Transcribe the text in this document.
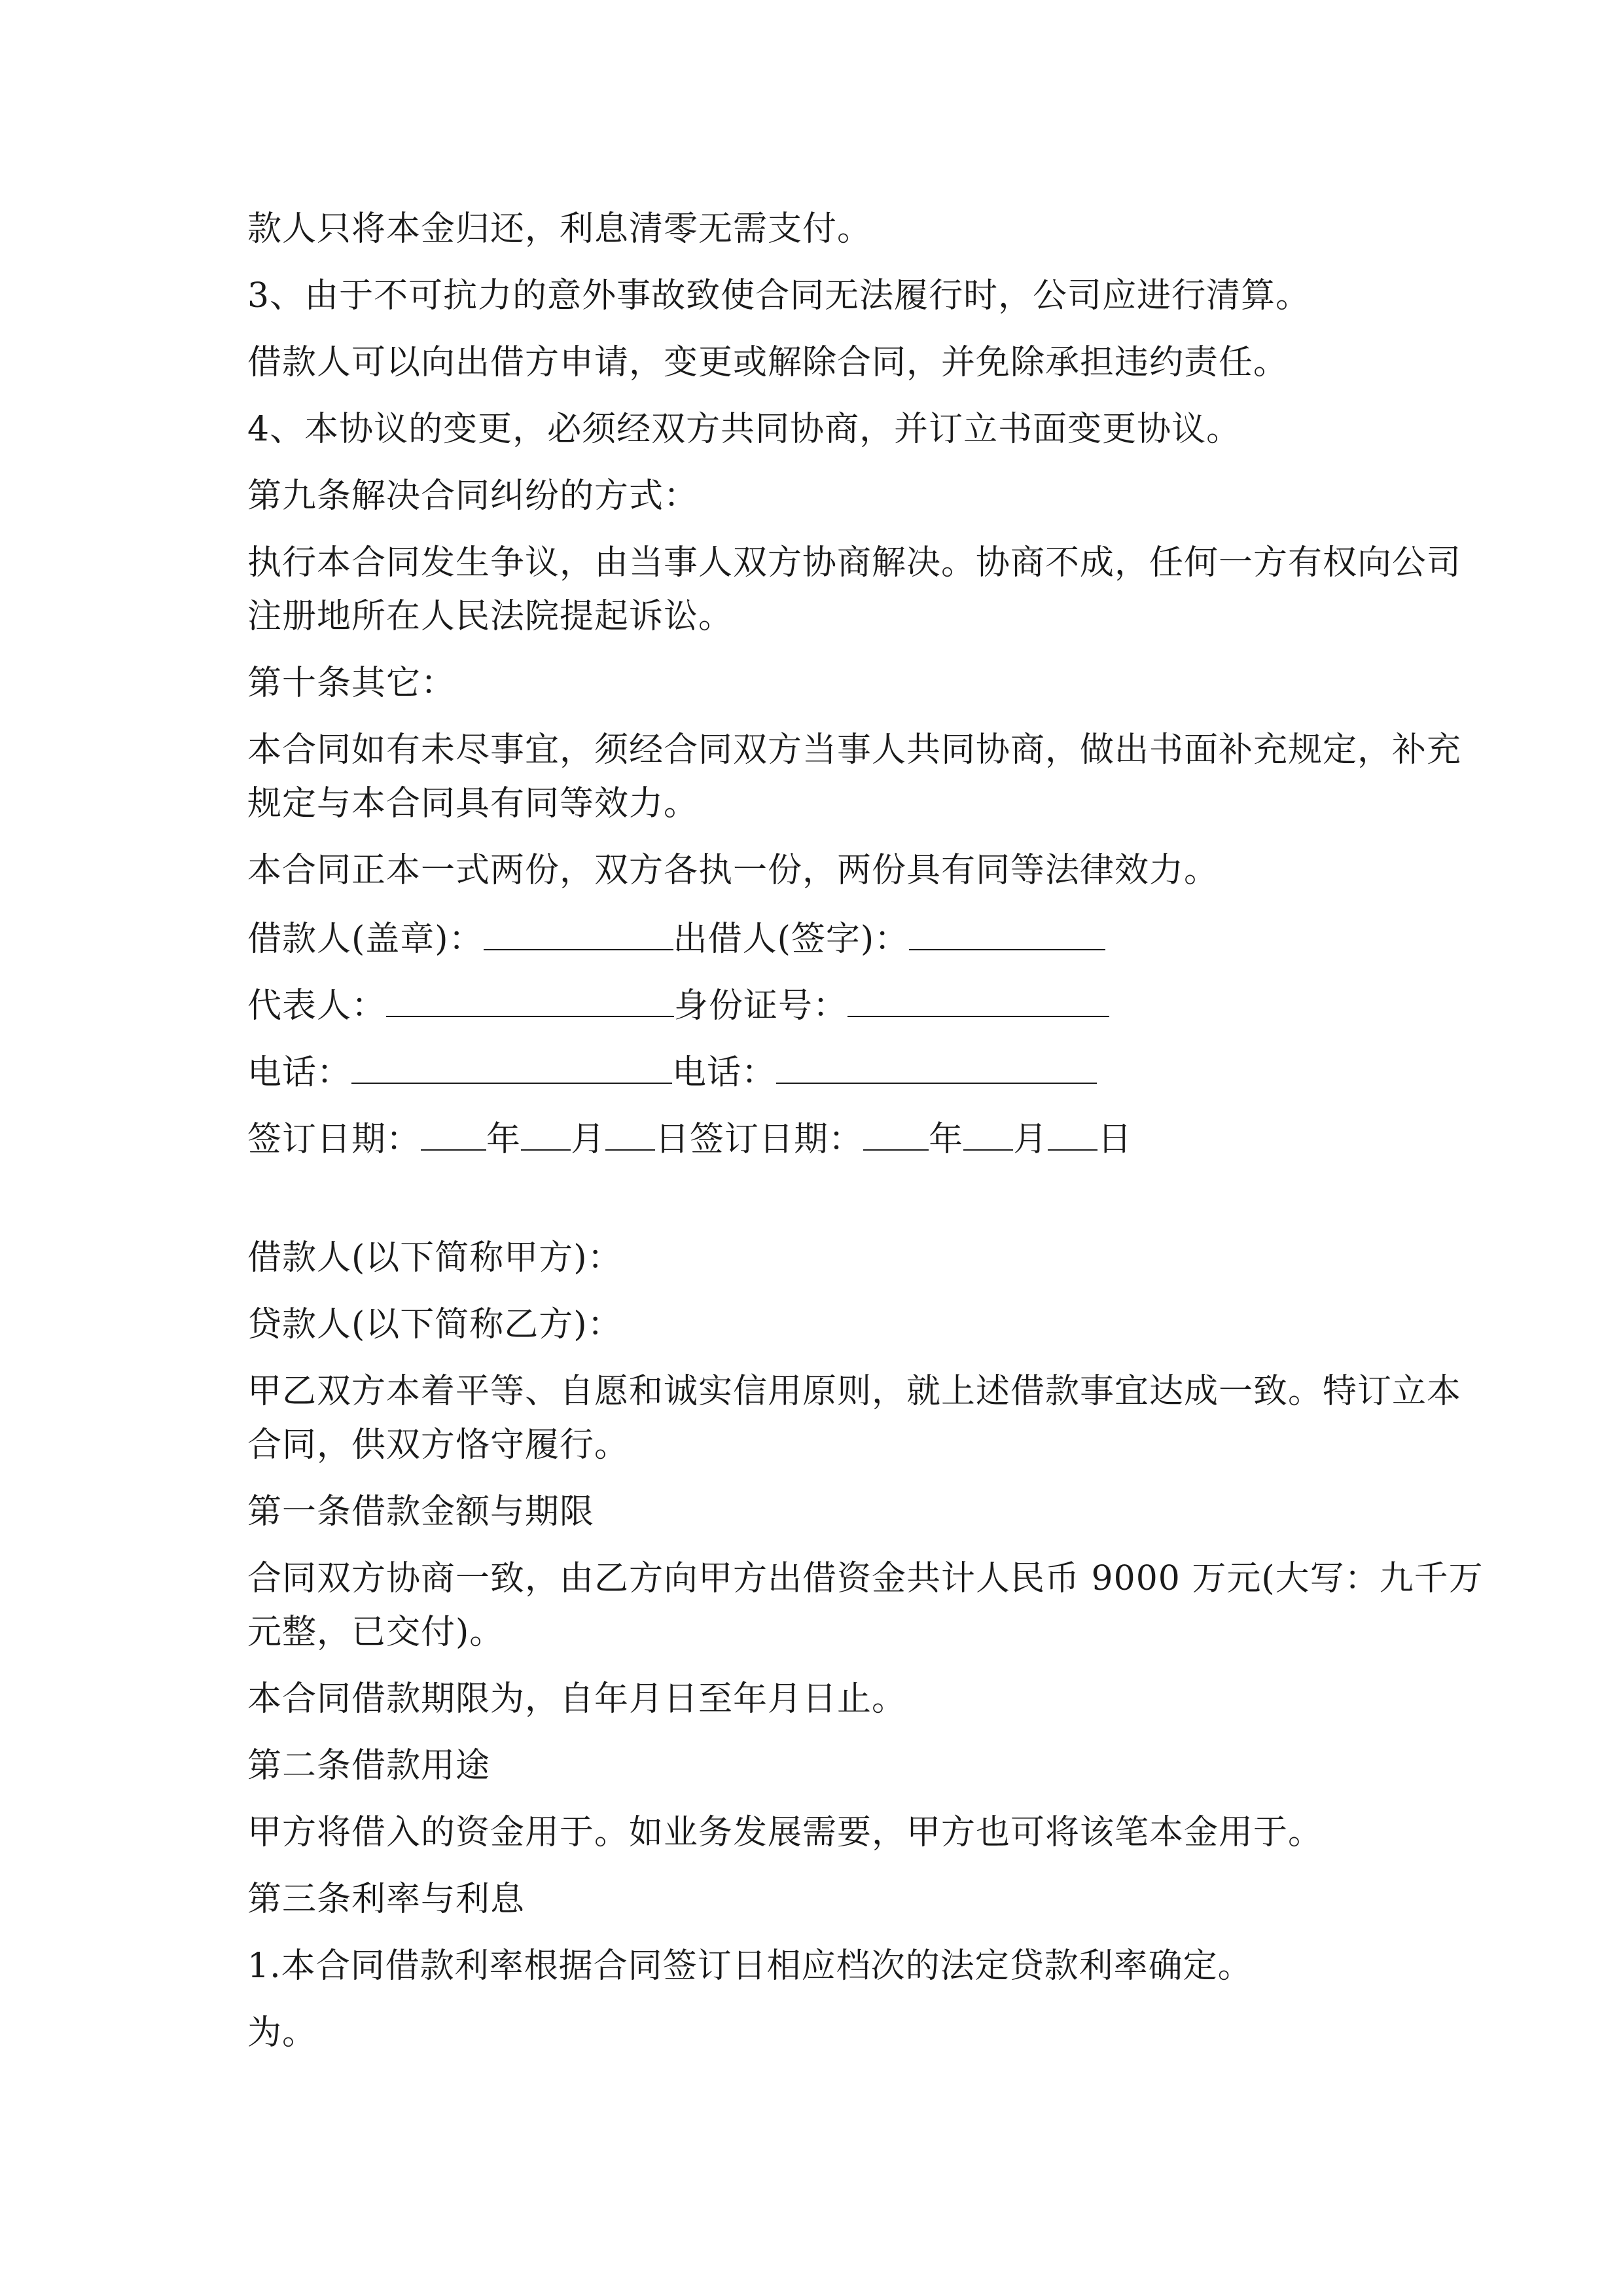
款人只将本金归还，利息清零无需支付。
3、由于不可抗力的意外事故致使合同无法履行时，公司应进行清算。
借款人可以向出借方申请，变更或解除合同，并免除承担违约责任。
4、本协议的变更，必须经双方共同协商，并订立书面变更协议。
第九条解决合同纠纷的方式：
执行本合同发生争议，由当事人双方协商解决。协商不成，任何一方有权向公司
注册地所在人民法院提起诉讼。
第十条其它：
本合同如有未尽事宜，须经合同双方当事人共同协商，做出书面补充规定，补充
规定与本合同具有同等效力。
本合同正本一式两份，双方各执一份，两份具有同等法律效力。
借款人(盖章)：	出借人(签字)：
代表人：	身份证号：
电话：	电话：
签订日期： 年 月 日签订日期： 年 月 日
借款人(以下简称甲方)：
贷款人(以下简称乙方)：
甲乙双方本着平等、自愿和诚实信用原则，就上述借款事宜达成一致。特订立本
合同，供双方恪守履行。
第一条借款金额与期限
合同双方协商一致，由乙方向甲方出借资金共计人民币 9000 万元(大写：九千万
元整，已交付)。
本合同借款期限为，自年月日至年月日止。
第二条借款用途
甲方将借入的资金用于。如业务发展需要，甲方也可将该笔本金用于。
第三条利率与利息
1.本合同借款利率根据合同签订日相应档次的法定贷款利率确定。
为。
